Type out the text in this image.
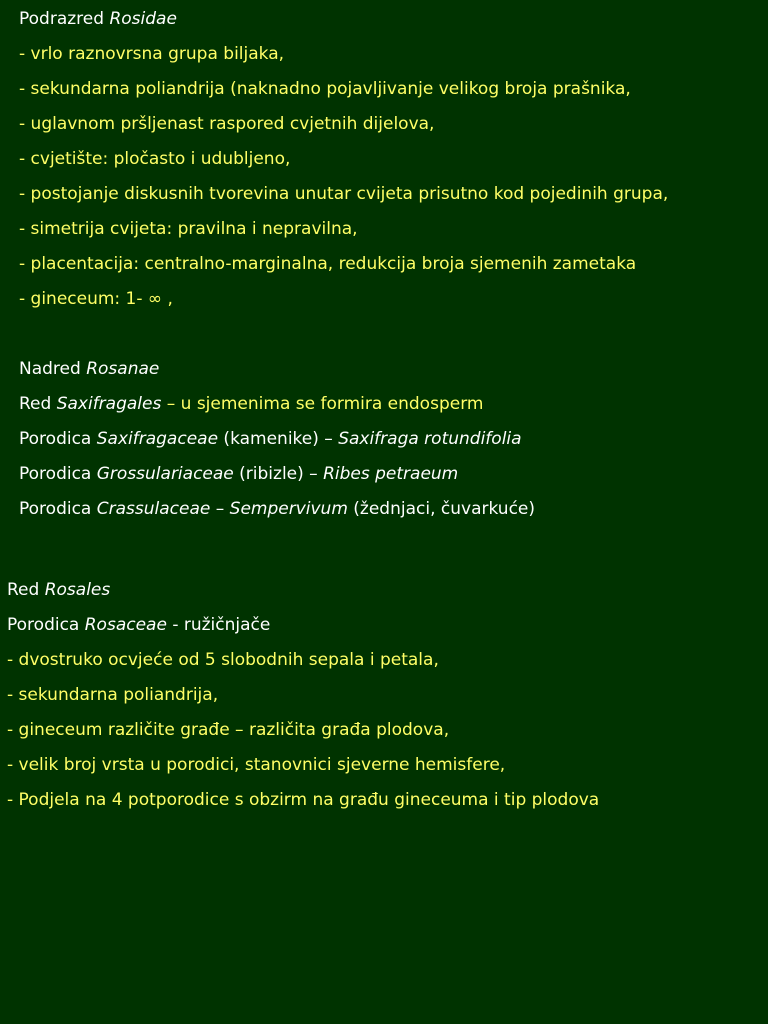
Podrazred Rosidae
- vrlo raznovrsna grupa biljaka,
- sekundarna poliandrija (naknadno pojavljivanje velikog broja prašnika,
- uglavnom pršljenast raspored cvjetnih dijelova,
- cvjetište: pločasto i udubljeno,
- postojanje diskusnih tvorevina unutar cvijeta prisutno kod pojedinih grupa,
- simetrija cvijeta: pravilna i nepravilna,
- placentacija: centralno-marginalna, redukcija broja sjemenih zametaka
- gineceum: 1- ∞ ,
Nadred Rosanae
Red Saxifragales – u sjemenima se formira endosperm
Porodica Saxifragaceae (kamenike) – Saxifraga rotundifolia
Porodica Grossulariaceae (ribizle) – Ribes petraeum
Porodica Crassulaceae – Sempervivum (žednjaci, čuvarkuće)
Red Rosales
Porodica Rosaceae - ružičnjače
- dvostruko ocvjeće od 5 slobodnih sepala i petala,
- sekundarna poliandrija,
- gineceum različite građe – različita građa plodova,
- velik broj vrsta u porodici, stanovnici sjeverne hemisfere,
- Podjela na 4 potporodice s obzirm na građu gineceuma i tip plodova
